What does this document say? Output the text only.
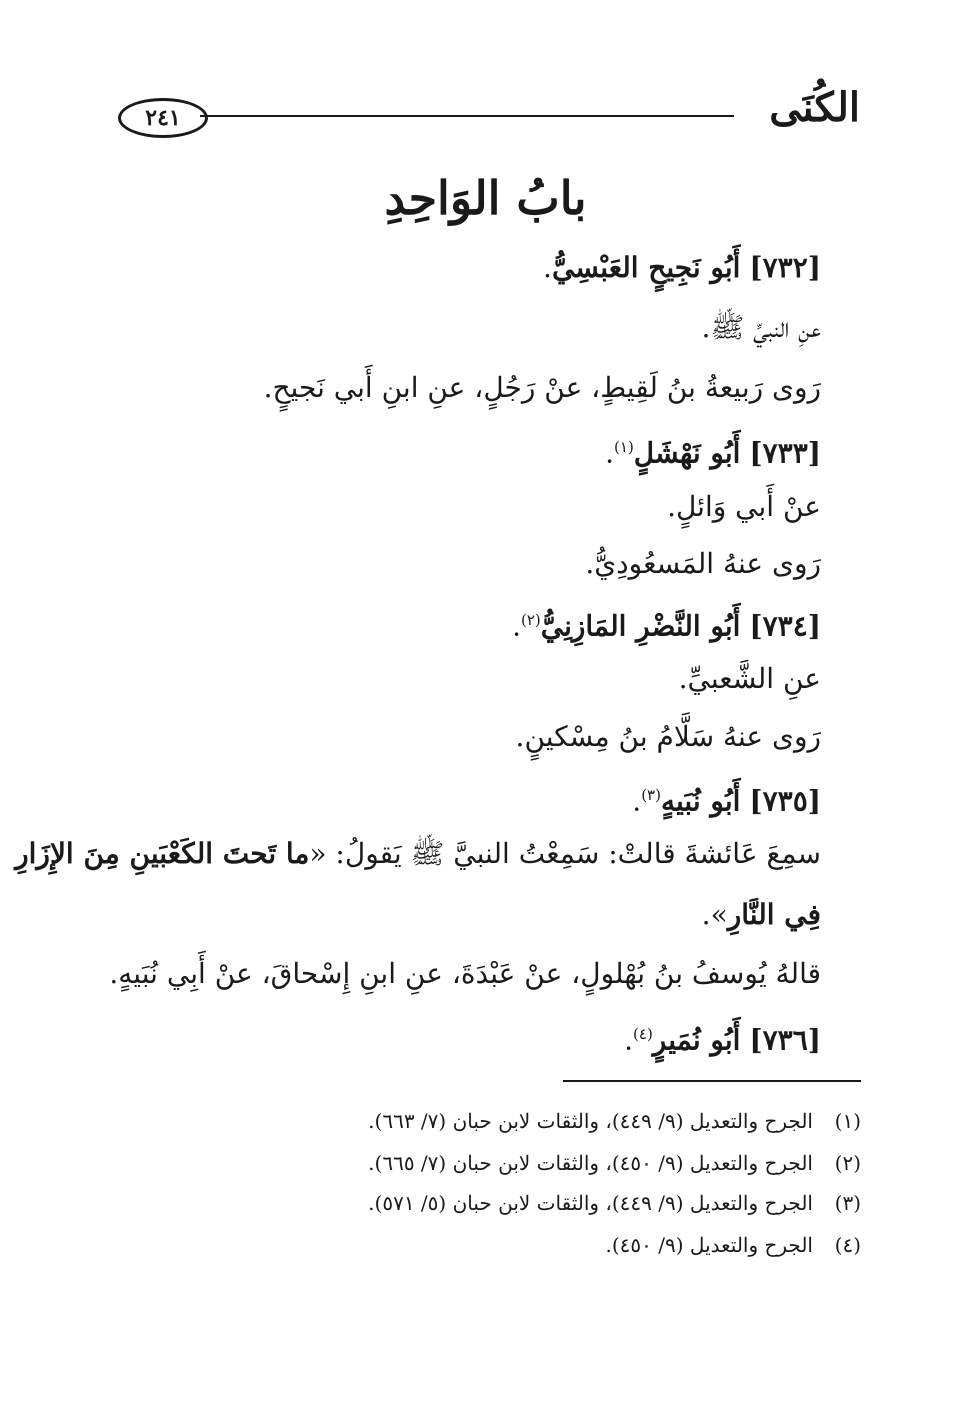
الكُنَى
٢٤١
بابُ الوَاحِدِ
[٧٣٢] أَبُو نَجِيحٍ العَبْسِيُّ.
عنِ النبيِّ ﷺ.
رَوى رَبيعةُ بنُ لَقِيطٍ، عنْ رَجُلٍ، عنِ ابنِ أَبي نَجيحٍ.
[٧٣٣] أَبُو نَهْشَلٍ$^{(١)}$.
عنْ أَبي وَائلٍ.
رَوى عنهُ المَسعُودِيُّ.
[٧٣٤] أَبُو النَّضْرِ المَازِنِيُّ$^{(٢)}$.
عنِ الشَّعبيِّ.
رَوى عنهُ سَلَّامُ بنُ مِسْكينٍ.
[٧٣٥] أَبُو نُبَيهٍ$^{(٣)}$.
سمِعَ عَائشةَ قالتْ: سَمِعْتُ النبيَّ ﷺ يَقولُ: «ما تَحتَ الكَعْبَينِ مِنَ الإِزَارِ
فِي النَّارِ».
قالهُ يُوسفُ بنُ بُهْلولٍ، عنْ عَبْدَةَ، عنِ ابنِ إِسْحاقَ، عنْ أَبِي نُبَيهٍ.
[٧٣٦] أَبُو نُمَيرٍ$^{(٤)}$.
(١)الجرح والتعديل (٩/ ٤٤٩)، والثقات لابن حبان (٧/ ٦٦٣).
(٢)الجرح والتعديل (٩/ ٤٥٠)، والثقات لابن حبان (٧/ ٦٦٥).
(٣)الجرح والتعديل (٩/ ٤٤٩)، والثقات لابن حبان (٥/ ٥٧١).
(٤)الجرح والتعديل (٩/ ٤٥٠).
